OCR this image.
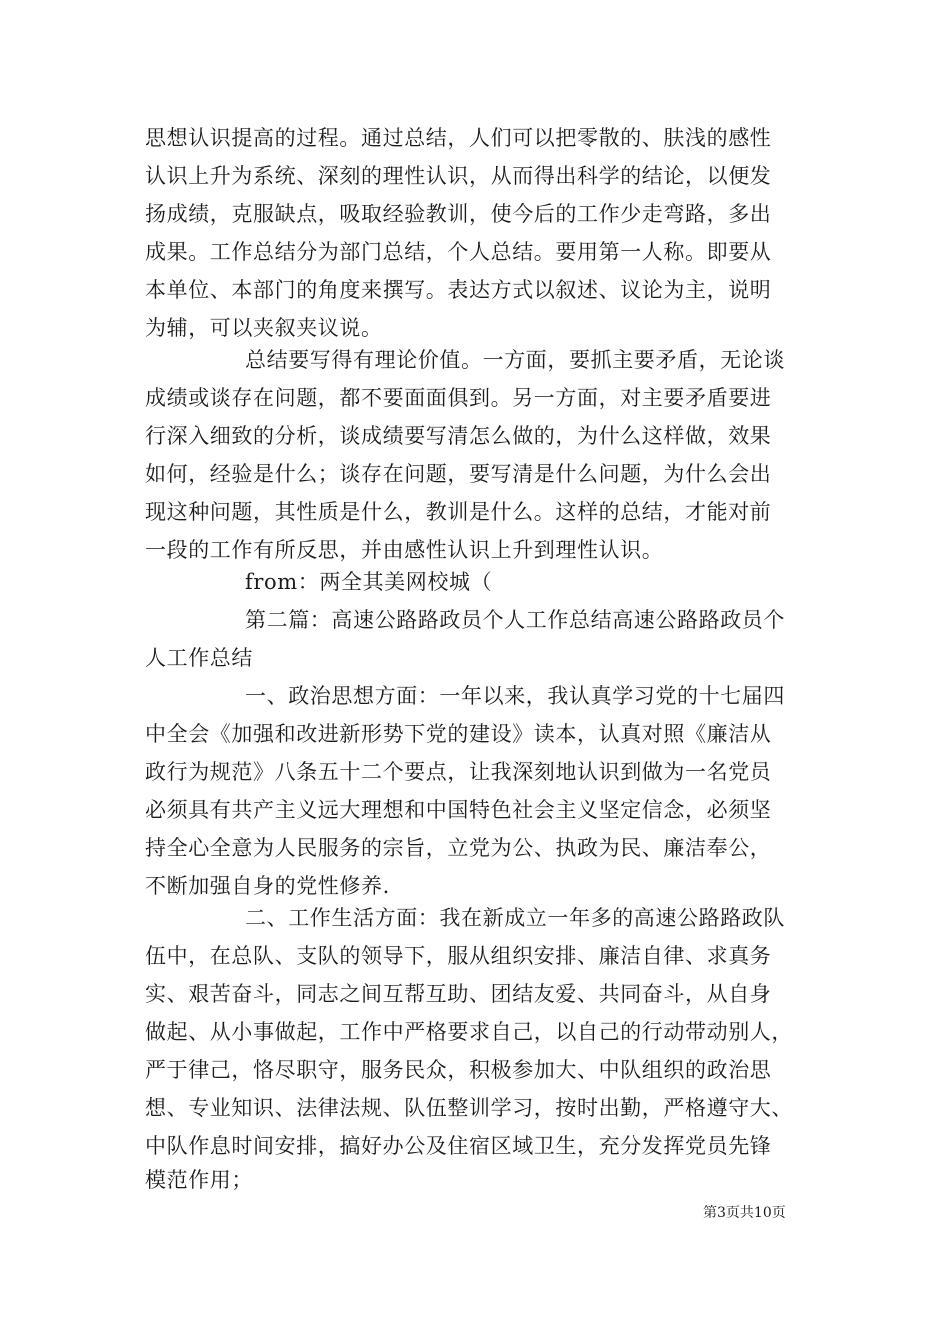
思想认识提高的过程。通过总结，人们可以把零散的、肤浅的感性
认识上升为系统、深刻的理性认识，从而得出科学的结论，以便发
扬成绩，克服缺点，吸取经验教训，使今后的工作少走弯路，多出
成果。工作总结分为部门总结，个人总结。要用第一人称。即要从
本单位、本部门的角度来撰写。表达方式以叙述、议论为主，说明
为辅，可以夹叙夹议说。
总结要写得有理论价值。一方面，要抓主要矛盾，无论谈
成绩或谈存在问题，都不要面面俱到。另一方面，对主要矛盾要进
行深入细致的分析，谈成绩要写清怎么做的，为什么这样做，效果
如何，经验是什么；谈存在问题，要写清是什么问题，为什么会出
现这种问题，其性质是什么，教训是什么。这样的总结，才能对前
一段的工作有所反思，并由感性认识上升到理性认识。
from：两全其美网校城（
第二篇：高速公路路政员个人工作总结高速公路路政员个
人工作总结
一、政治思想方面：一年以来，我认真学习党的十七届四
中全会《加强和改进新形势下党的建设》读本，认真对照《廉洁从
政行为规范》八条五十二个要点，让我深刻地认识到做为一名党员
必须具有共产主义远大理想和中国特色社会主义坚定信念，必须坚
持全心全意为人民服务的宗旨，立党为公、执政为民、廉洁奉公，
不断加强自身的党性修养.
二、工作生活方面：我在新成立一年多的高速公路路政队
伍中，在总队、支队的领导下，服从组织安排、廉洁自律、求真务
实、艰苦奋斗，同志之间互帮互助、团结友爱、共同奋斗，从自身
做起、从小事做起，工作中严格要求自己，以自己的行动带动别人，
严于律己，恪尽职守，服务民众，积极参加大、中队组织的政治思
想、专业知识、法律法规、队伍整训学习，按时出勤，严格遵守大、
中队作息时间安排，搞好办公及住宿区域卫生，充分发挥党员先锋
模范作用；
第3页共10页
